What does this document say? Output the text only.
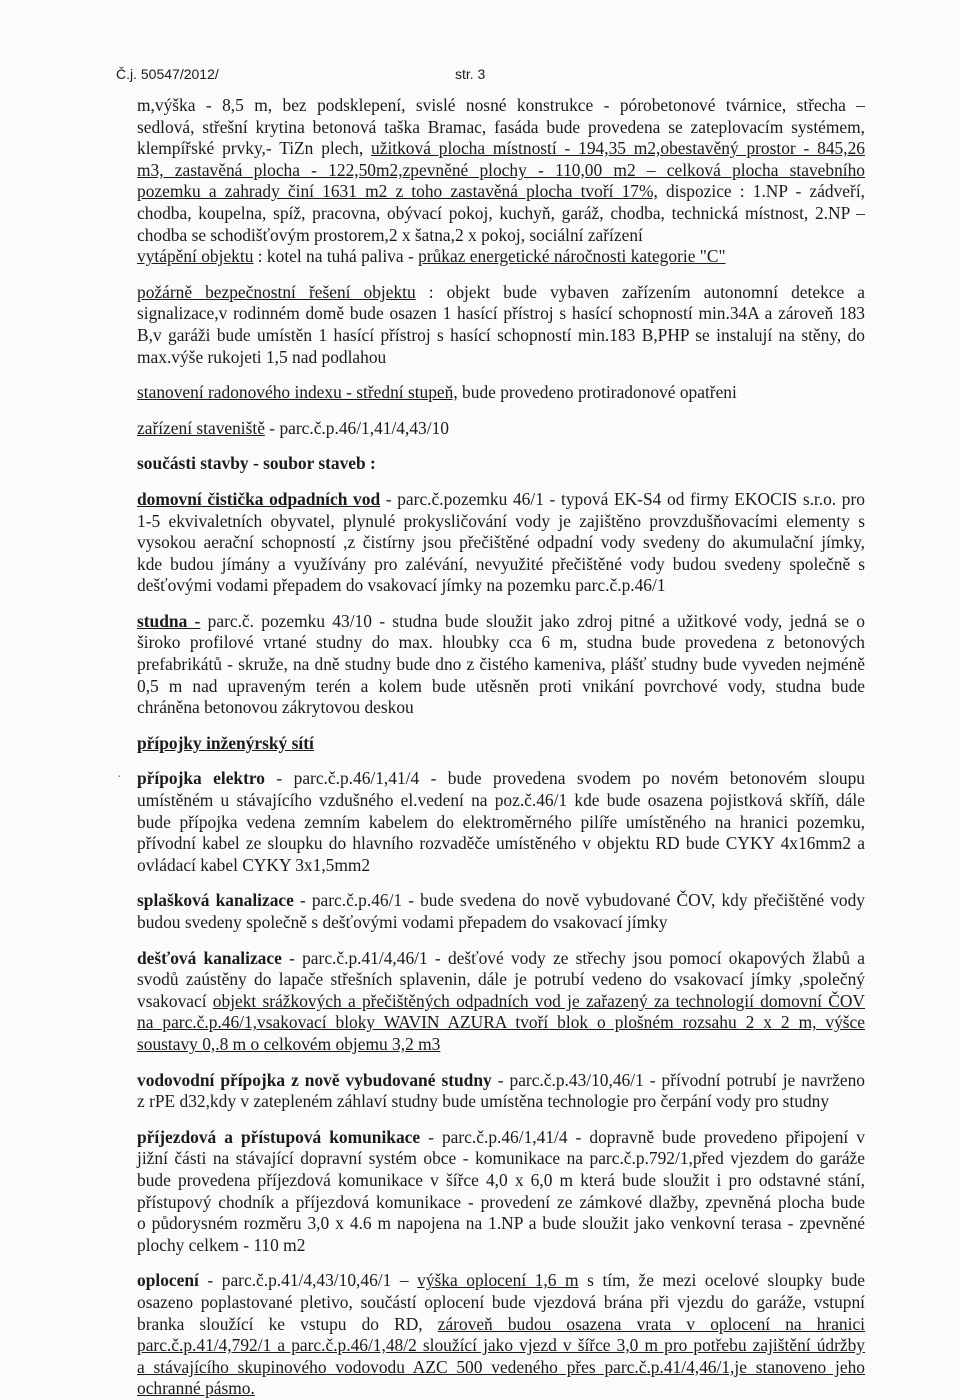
Č.j. 50547/2012/	str. 3
·
m,výška - 8,5 m, bez podsklepení, svislé nosné konstrukce - pórobetonové tvárnice, střecha –
sedlová, střešní krytina betonová taška Bramac, fasáda bude provedena se zateplovacím systémem,
klempířské prvky,- TiZn plech, užitková plocha místností - 194,35 m2,obestavěný prostor - 845,26
m3, zastavěná plocha - 122,50m2,zpevněné plochy - 110,00 m2 – celková plocha stavebního
pozemku a zahrady činí 1631 m2 z toho zastavěná plocha tvoří 17%, dispozice : 1.NP - zádveří,
chodba, koupelna, spíž, pracovna, obývací pokoj, kuchyň, garáž, chodba, technická místnost, 2.NP –
chodba se schodišťovým prostorem,2 x šatna,2 x pokoj, sociální zařízení
vytápění objektu : kotel na tuhá paliva - průkaz energetické náročnosti kategorie "C"
požárně bezpečnostní řešení objektu : objekt bude vybaven zařízením autonomní detekce a
signalizace,v rodinném domě bude osazen 1 hasící přístroj s hasící schopností min.34A a zároveň 183
B,v garáži bude umístěn 1 hasící přístroj s hasící schopností min.183 B,PHP se instalují na stěny, do
max.výše rukojeti 1,5 nad podlahou
stanovení radonového indexu - střední stupeň, bude provedeno protiradonové opatřeni
zařízení staveniště - parc.č.p.46/1,41/4,43/10
součásti stavby - soubor staveb :
domovní čistička odpadních vod - parc.č.pozemku 46/1 - typová EK-S4 od firmy EKOCIS s.r.o. pro
1-5 ekvivaletních obyvatel, plynulé prokysličování vody je zajištěno provzdušňovacími elementy s
vysokou aerační schopností ,z čistírny jsou přečištěné odpadní vody svedeny do akumulační jímky,
kde budou jímány a využívány pro zalévání, nevyužité přečištěné vody budou svedeny společně s
dešťovými vodami přepadem do vsakovací jímky na pozemku parc.č.p.46/1
studna - parc.č. pozemku 43/10 - studna bude sloužit jako zdroj pitné a užitkové vody, jedná se o
široko profilové vrtané studny do max. hloubky cca 6 m, studna bude provedena z betonových
prefabrikátů - skruže, na dně studny bude dno z čistého kameniva, plášť studny bude vyveden nejméně
0,5 m nad upraveným terén a kolem bude utěsněn proti vnikání povrchové vody, studna bude
chráněna betonovou zákrytovou deskou
přípojky inženýrský sítí
přípojka elektro - parc.č.p.46/1,41/4 - bude provedena svodem po novém betonovém sloupu
umístěném u stávajícího vzdušného el.vedení na poz.č.46/1 kde bude osazena pojistková skříň, dále
bude přípojka vedena zemním kabelem do elektroměrného pilíře umístěného na hranici pozemku,
přívodní kabel ze sloupku do hlavního rozvaděče umístěného v objektu RD bude CYKY 4x16mm2 a
ovládací kabel CYKY 3x1,5mm2
splašková kanalizace - parc.č.p.46/1 - bude svedena do nově vybudované ČOV, kdy přečištěné vody
budou svedeny společně s dešťovými vodami přepadem do vsakovací jímky
dešťová kanalizace - parc.č.p.41/4,46/1 - dešťové vody ze střechy jsou pomocí okapových žlabů a
svodů zaústěny do lapače střešních splavenin, dále je potrubí vedeno do vsakovací jímky ,společný
vsakovací objekt srážkových a přečištěných odpadních vod je zařazený za technologií domovní ČOV
na parc.č.p.46/1,vsakovací bloky WAVIN AZURA tvoří blok o plošném rozsahu 2 x 2 m, výšce
soustavy 0,.8 m o celkovém objemu 3,2 m3
vodovodní přípojka z nově vybudované studny - parc.č.p.43/10,46/1 - přívodní potrubí je navrženo
z rPE d32,kdy v zatepleném záhlaví studny bude umístěna technologie pro čerpání vody pro studny
příjezdová a přístupová komunikace - parc.č.p.46/1,41/4 - dopravně bude provedeno připojení v
jižní části na stávající dopravní systém obce - komunikace na parc.č.p.792/1,před vjezdem do garáže
bude provedena příjezdová komunikace v šířce 4,0 x 6,0 m která bude sloužit i pro odstavné stání,
přístupový chodník a příjezdová komunikace - provedení ze zámkové dlažby, zpevněná plocha bude
o půdorysném rozměru 3,0 x 4.6 m napojena na 1.NP a bude sloužit jako venkovní terasa - zpevněné
plochy celkem - 110 m2
oplocení - parc.č.p.41/4,43/10,46/1 – výška oplocení 1,6 m s tím, že mezi ocelové sloupky bude
osazeno poplastované pletivo, součástí oplocení bude vjezdová brána při vjezdu do garáže, vstupní
branka sloužící ke vstupu do RD, zároveň budou osazena vrata v oplocení na hranici
parc.č.p.41/4,792/1 a parc.č.p.46/1,48/2 sloužící jako vjezd v šířce 3,0 m pro potřebu zajištění údržby
a stávajícího skupinového vodovodu AZC 500 vedeného přes parc.č.p.41/4,46/1,je stanoveno jeho
ochranné pásmo.
